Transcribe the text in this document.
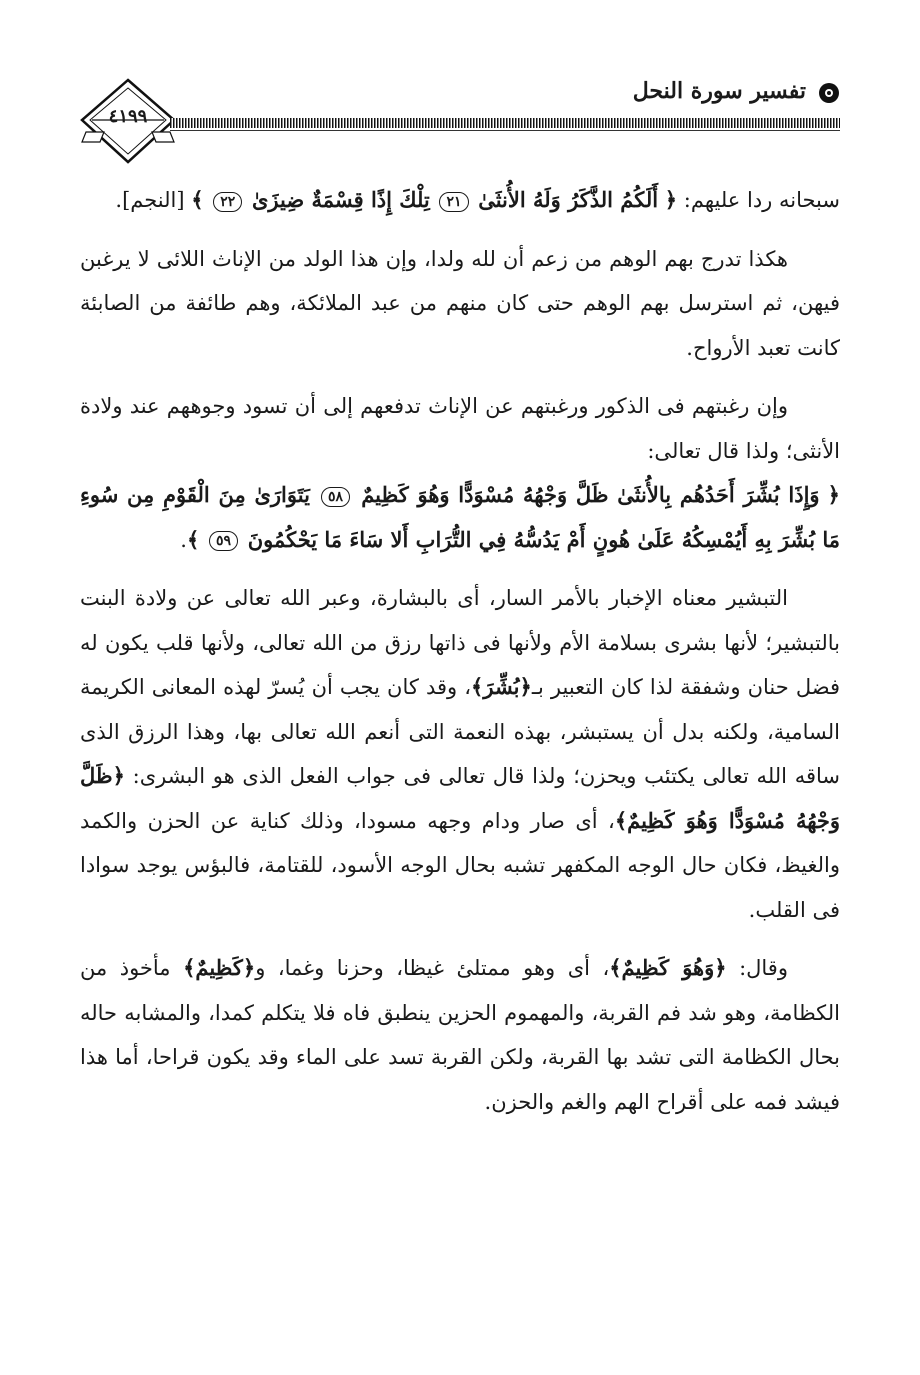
٤١٩٩
تفسير سورة النحل

سبحانه ردا عليهم: ﴿ أَلَكُمُ الذَّكَرُ وَلَهُ الأُنثَىٰ ٢١ تِلْكَ إِذًا قِسْمَةٌ ضِيزَىٰ ٢٢ ﴾ [النجم].

هكذا تدرج بهم الوهم من زعم أن لله ولدا، وإن هذا الولد من الإناث اللائى لا يرغبن فيهن، ثم استرسل بهم الوهم حتى كان منهم من عبد الملائكة، وهم طائفة من الصابئة كانت تعبد الأرواح.

وإن رغبتهم فى الذكور ورغبتهم عن الإناث تدفعهم إلى أن تسود وجوههم عند ولادة الأنثى؛ ولذا قال تعالى:

﴿ وَإِذَا بُشِّرَ أَحَدُهُم بِالأُنثَىٰ ظَلَّ وَجْهُهُ مُسْوَدًّا وَهُوَ كَظِيمٌ ٥٨ يَتَوَارَىٰ مِنَ الْقَوْمِ مِن سُوءِ مَا بُشِّرَ بِهِ أَيُمْسِكُهُ عَلَىٰ هُونٍ أَمْ يَدُسُّهُ فِي التُّرَابِ أَلا سَاءَ مَا يَحْكُمُونَ ٥٩ ﴾.

التبشير معناه الإخبار بالأمر السار، أى بالبشارة، وعبر الله تعالى عن ولادة البنت بالتبشير؛ لأنها بشرى بسلامة الأم ولأنها فى ذاتها رزق من الله تعالى، ولأنها قلب يكون له فضل حنان وشفقة لذا كان التعبير بـ﴿بُشِّرَ﴾، وقد كان يجب أن يُسرّ لهذه المعانى الكريمة السامية، ولكنه بدل أن يستبشر، بهذه النعمة التى أنعم الله تعالى بها، وهذا الرزق الذى ساقه الله تعالى يكتئب ويحزن؛ ولذا قال تعالى فى جواب الفعل الذى هو البشرى: ﴿ظَلَّ وَجْهُهُ مُسْوَدًّا وَهُوَ كَظِيمٌ﴾، أى صار ودام وجهه مسودا، وذلك كناية عن الحزن والكمد والغيظ، فكان حال الوجه المكفهر تشبه بحال الوجه الأسود، للقتامة، فالبؤس يوجد سوادا فى القلب.

وقال: ﴿وَهُوَ كَظِيمٌ﴾، أى وهو ممتلئ غيظا، وحزنا وغما، و﴿كَظِيمٌ﴾ مأخوذ من الكظامة، وهو شد فم القربة، والمهموم الحزين ينطبق فاه فلا يتكلم كمدا، والمشابه حاله بحال الكظامة التى تشد بها القربة، ولكن القربة تسد على الماء وقد يكون قراحا، أما هذا فيشد فمه على أقراح الهم والغم والحزن.
